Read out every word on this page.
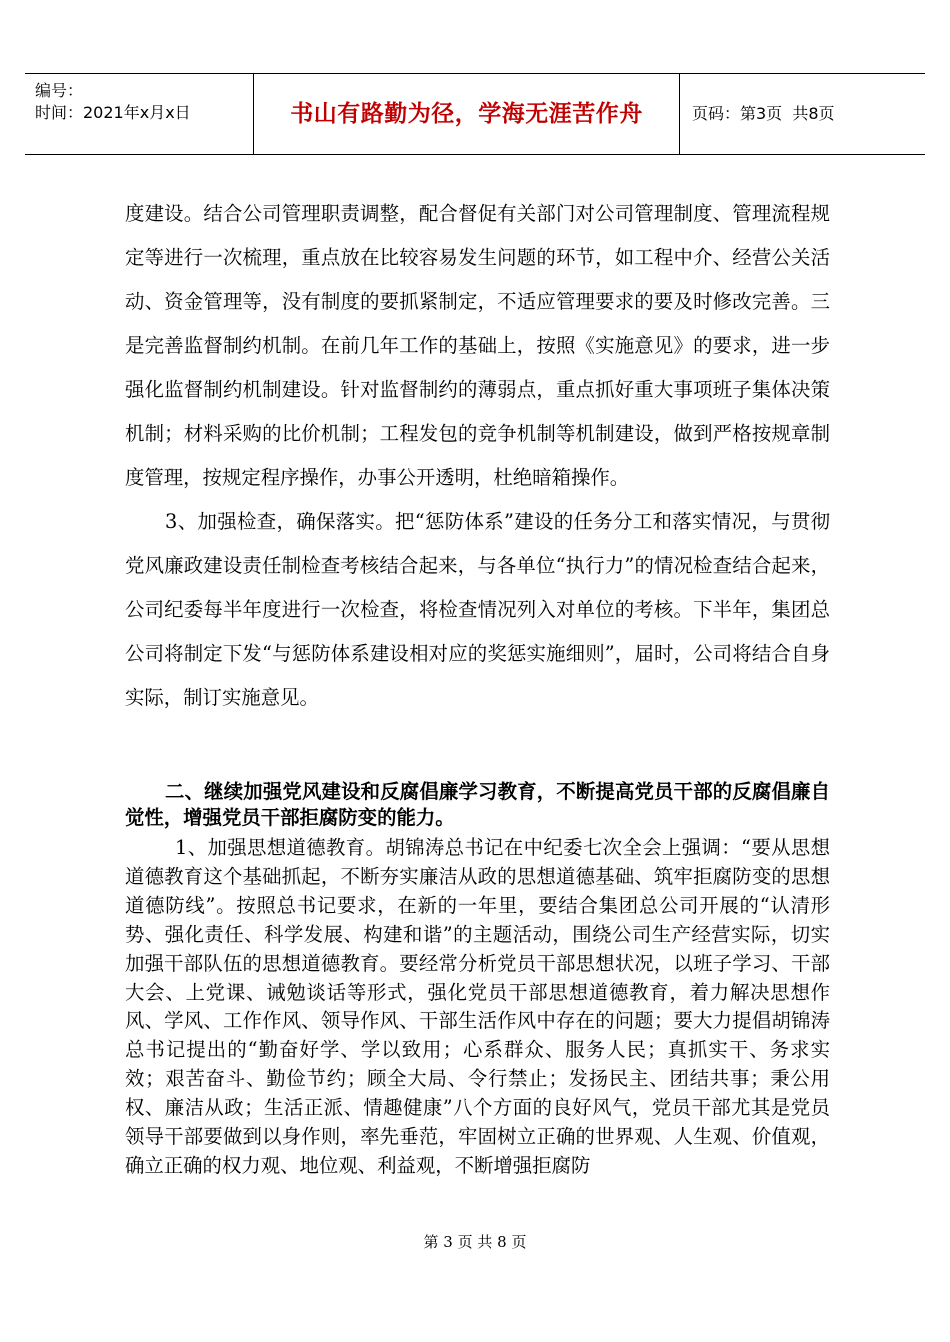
编号：
时间：2021年x月x日	书山有路勤为径，学海无涯苦作舟	页码：第3页  共8页

度建设。结合公司管理职责调整，配合督促有关部门对公司管理制度、管理流程规定等进行一次梳理，重点放在比较容易发生问题的环节，如工程中介、经营公关活动、资金管理等，没有制度的要抓紧制定，不适应管理要求的要及时修改完善。三是完善监督制约机制。在前几年工作的基础上，按照《实施意见》的要求，进一步强化监督制约机制建设。针对监督制约的薄弱点，重点抓好重大事项班子集体决策机制；材料采购的比价机制；工程发包的竞争机制等机制建设，做到严格按规章制度管理，按规定程序操作，办事公开透明，杜绝暗箱操作。

3、加强检查，确保落实。把“惩防体系”建设的任务分工和落实情况，与贯彻党风廉政建设责任制检查考核结合起来，与各单位“执行力”的情况检查结合起来，公司纪委每半年度进行一次检查，将检查情况列入对单位的考核。下半年，集团总公司将制定下发“与惩防体系建设相对应的奖惩实施细则”，届时，公司将结合自身实际，制订实施意见。

二、继续加强党风建设和反腐倡廉学习教育，不断提高党员干部的反腐倡廉自觉性，增强党员干部拒腐防变的能力。

1、加强思想道德教育。胡锦涛总书记在中纪委七次全会上强调：“要从思想道德教育这个基础抓起，不断夯实廉洁从政的思想道德基础、筑牢拒腐防变的思想道德防线”。按照总书记要求，在新的一年里，要结合集团总公司开展的“认清形势、强化责任、科学发展、构建和谐”的主题活动，围绕公司生产经营实际，切实加强干部队伍的思想道德教育。要经常分析党员干部思想状况，以班子学习、干部大会、上党课、诫勉谈话等形式，强化党员干部思想道德教育，着力解决思想作风、学风、工作作风、领导作风、干部生活作风中存在的问题；要大力提倡胡锦涛总书记提出的“勤奋好学、学以致用；心系群众、服务人民；真抓实干、务求实效；艰苦奋斗、勤俭节约；顾全大局、令行禁止；发扬民主、团结共事；秉公用权、廉洁从政；生活正派、情趣健康”八个方面的良好风气，党员干部尤其是党员领导干部要做到以身作则，率先垂范，牢固树立正确的世界观、人生观、价值观，确立正确的权力观、地位观、利益观，不断增强拒腐防

第 3 页 共 8 页
